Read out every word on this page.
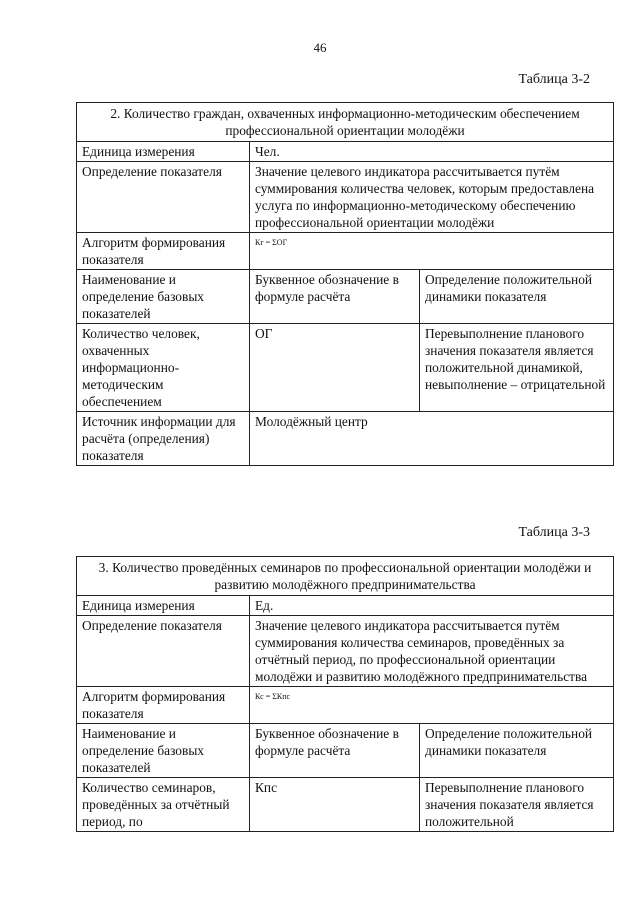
46
Таблица 3-2
2. Количество граждан, охваченных информационно-методическим обеспечением профессиональной ориентации молодёжи		
Единица измерения	Чел.	
Определение показателя	Значение целевого индикатора рассчитывается путём суммирования количества человек, которым предоставлена услуга по информационно-методическому обеспечению профессиональной ориентации молодёжи	
Алгоритм формирования показателя	Кг = ΣОГ	

Наименование и определение базовых показателей	Буквенное обозначение в формуле расчёта	Определение положительной динамики показателя
Количество человек, охваченных информационно-методическим обеспечением	ОГ	Перевыполнение планового значения показателя является положительной динамикой, невыполнение – отрицательной
Источник информации для расчёта (определения) показателя	Молодёжный центр	
Таблица 3-3
3. Количество проведённых семинаров по профессиональной ориентации молодёжи и развитию молодёжного предпринимательства		
Единица измерения	Ед.	
Определение показателя	Значение целевого индикатора рассчитывается путём суммирования количества семинаров, проведённых за отчётный период, по профессиональной ориентации молодёжи и развитию молодёжного предпринимательства	
Алгоритм формирования показателя	Кс = ΣКпс	

Наименование и определение базовых показателей	Буквенное обозначение в формуле расчёта	Определение положительной динамики показателя
Количество семинаров, проведённых за отчётный период, по	Кпс	Перевыполнение планового значения показателя является положительной
